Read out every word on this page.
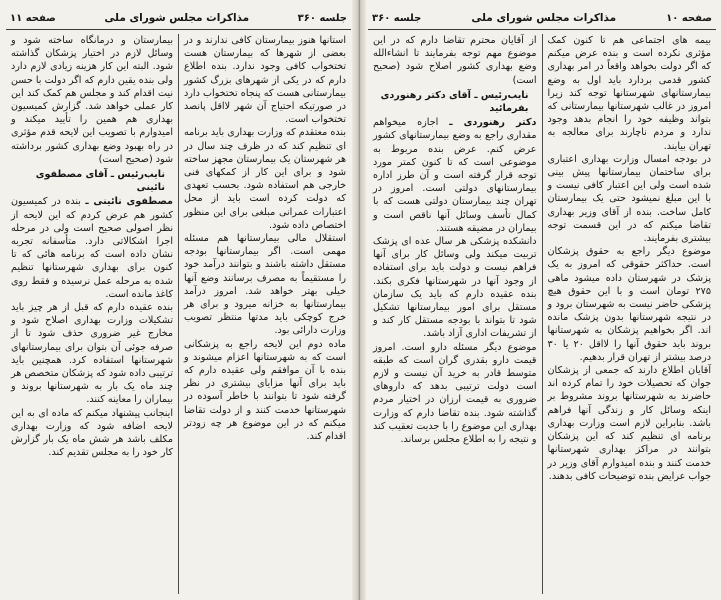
صفحه ۱۰
مذاکرات مجلس شورای ملی
جلسه ۳۶۰

بیمه های اجتماعی هم تا کنون کمک مؤثری نکرده است و بنده عرض میکنم که اگر دولت بخواهد واقعاً در امر بهداری کشور قدمی بردارد باید اول به وضع بیمارستانهای شهرستانها توجه کند زیرا امروز در غالب شهرستانها بیمارستانی که بتواند وظیفه خود را انجام بدهد وجود ندارد و مردم ناچارند برای معالجه به تهران بیایند.

در بودجه امسال وزارت بهداری اعتباری برای ساختمان بیمارستانها پیش بینی شده است ولی این اعتبار کافی نیست و با این مبلغ نمیشود حتی یک بیمارستان کامل ساخت. بنده از آقای وزیر بهداری تقاضا میکنم که در این قسمت توجه بیشتری بفرمایند.

موضوع دیگر راجع به حقوق پزشکان است. حداکثر حقوقی که امروز به یک پزشک در شهرستان داده میشود ماهی ۲۷۵ تومان است و با این حقوق هیچ پزشکی حاضر نیست به شهرستان برود و در نتیجه شهرستانها بدون پزشک مانده اند. اگر بخواهیم پزشکان به شهرستانها بروند باید حقوق آنها را لااقل ۲۰ یا ۳۰ درصد بیشتر از تهران قرار بدهیم.

آقایان اطلاع دارند که جمعی از پزشکان جوان که تحصیلات خود را تمام کرده اند حاضرند به شهرستانها بروند مشروط بر اینکه وسائل کار و زندگی آنها فراهم باشد. بنابراین لازم است وزارت بهداری برنامه ای تنظیم کند که این پزشکان بتوانند در مراکز بهداری شهرستانها خدمت کنند و بنده امیدوارم آقای وزیر در جواب عرایض بنده توضیحات کافی بدهند.

از آقایان محترم تقاضا دارم که در این موضوع مهم توجه بفرمایند تا انشاءالله وضع بهداری کشور اصلاح شود (صحیح است)

نایب‌رئیس ـ آقای دکتر رهنوردی بفرمائید

دکتر رهنوردی ـ اجازه میخواهم مقداری راجع به وضع بیمارستانهای کشور عرض کنم. عرض بنده مربوط به موضوعی است که تا کنون کمتر مورد توجه قرار گرفته است و آن طرز اداره بیمارستانهای دولتی است. امروز در تهران چند بیمارستان دولتی هست که با کمال تأسف وسائل آنها ناقص است و بیماران در مضیقه هستند.

دانشکده پزشکی هر سال عده ای پزشک تربیت میکند ولی وسائل کار برای آنها فراهم نیست و دولت باید برای استفاده از وجود آنها در شهرستانها فکری بکند. بنده عقیده دارم که باید یک سازمان مستقل برای امور بیمارستانها تشکیل شود تا بتواند با بودجه مستقل کار کند و از تشریفات اداری آزاد باشد.

موضوع دیگر مسئله دارو است. امروز قیمت دارو بقدری گران است که طبقه متوسط قادر به خرید آن نیست و لازم است دولت ترتیبی بدهد که داروهای ضروری به قیمت ارزان در اختیار مردم گذاشته شود. بنده تقاضا دارم که وزارت بهداری این موضوع را با جدیت تعقیب کند و نتیجه را به اطلاع مجلس برساند.

جلسه ۳۶۰
مذاکرات مجلس شورای ملی
صفحه ۱۱

استانها هنوز بیمارستان کافی ندارند و در بعضی از شهرها که بیمارستان هست تختخواب کافی وجود ندارد. بنده اطلاع دارم که در یکی از شهرهای بزرگ کشور بیمارستانی هست که پنجاه تختخواب دارد در صورتیکه احتیاج آن شهر لااقل پانصد تختخواب است.

بنده معتقدم که وزارت بهداری باید برنامه ای تنظیم کند که در ظرف چند سال در هر شهرستان یک بیمارستان مجهز ساخته شود و برای این کار از کمکهای فنی خارجی هم استفاده شود. بحسب تعهدی که دولت کرده است باید از محل اعتبارات عمرانی مبلغی برای این منظور اختصاص داده شود.

استقلال مالی بیمارستانها هم مسئله مهمی است. اگر بیمارستانها بودجه مستقل داشته باشند و بتوانند درآمد خود را مستقیماً به مصرف برسانند وضع آنها خیلی بهتر خواهد شد. امروز درآمد بیمارستانها به خزانه میرود و برای هر خرج کوچکی باید مدتها منتظر تصویب وزارت دارائی بود.

ماده دوم این لایحه راجع به پزشکانی است که به شهرستانها اعزام میشوند و بنده با آن موافقم ولی عقیده دارم که باید برای آنها مزایای بیشتری در نظر گرفته شود تا بتوانند با خاطر آسوده در شهرستانها خدمت کنند و از دولت تقاضا میکنم که در این موضوع هر چه زودتر اقدام کند.

بیمارستان و درمانگاه ساخته شود و وسائل لازم در اختیار پزشکان گذاشته شود. البته این کار هزینه زیادی لازم دارد ولی بنده یقین دارم که اگر دولت با حسن نیت اقدام کند و مجلس هم کمک کند این کار عملی خواهد شد. گزارش کمیسیون بهداری هم همین را تأیید میکند و امیدوارم با تصویب این لایحه قدم مؤثری در راه بهبود وضع بهداری کشور برداشته شود (صحیح است)

نایب‌رئیس ـ آقای مصطفوی نائینی

مصطفوی نائینی ـ بنده در کمیسیون کشور هم عرض کردم که این لایحه از نظر اصولی صحیح است ولی در مرحله اجرا اشکالاتی دارد. متأسفانه تجربه نشان داده است که برنامه هائی که تا کنون برای بهداری شهرستانها تنظیم شده به مرحله عمل نرسیده و فقط روی کاغذ مانده است.

بنده عقیده دارم که قبل از هر چیز باید تشکیلات وزارت بهداری اصلاح شود و مخارج غیر ضروری حذف شود تا از صرفه جوئی آن بتوان برای بیمارستانهای شهرستانها استفاده کرد. همچنین باید ترتیبی داده شود که پزشکان متخصص هر چند ماه یک بار به شهرستانها بروند و بیماران را معاینه کنند.

اینجانب پیشنهاد میکنم که ماده ای به این لایحه اضافه شود که وزارت بهداری مکلف باشد هر شش ماه یک بار گزارش کار خود را به مجلس تقدیم کند.
